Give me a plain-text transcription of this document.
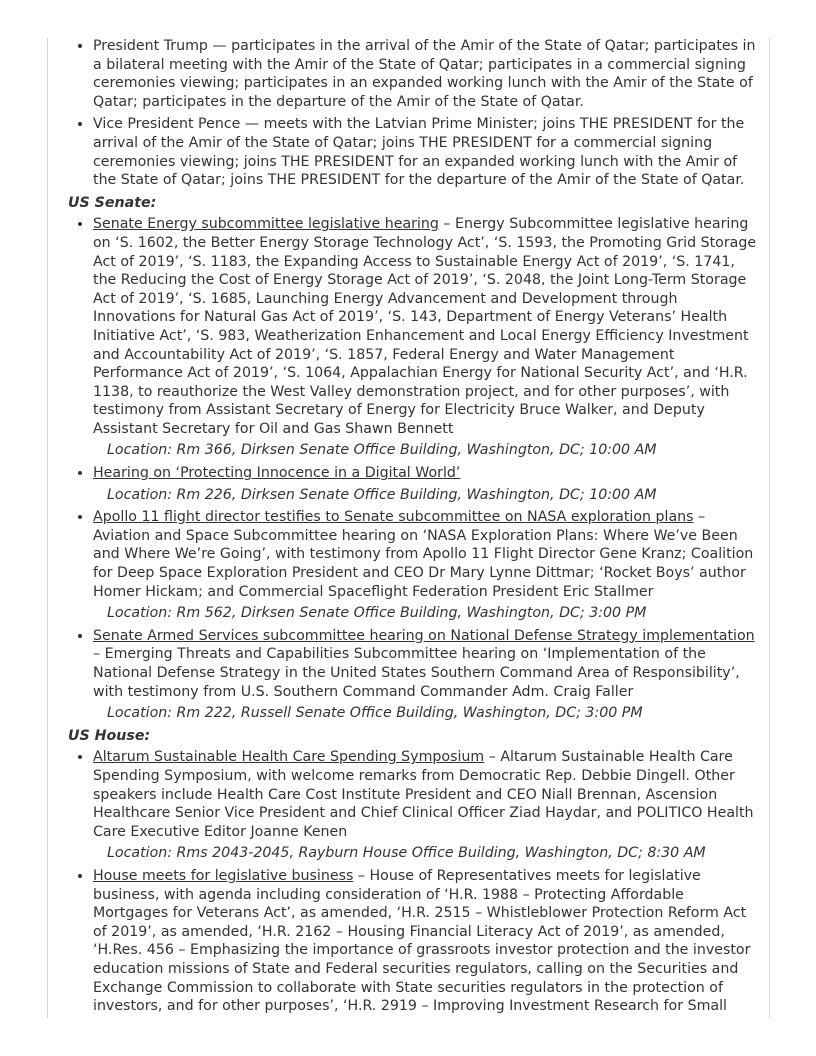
• President Trump — participates in the arrival of the Amir of the State of Qatar; participates in a bilateral meeting with the Amir of the State of Qatar; participates in a commercial signing ceremonies viewing; participates in an expanded working lunch with the Amir of the State of Qatar; participates in the departure of the Amir of the State of Qatar.
• Vice President Pence — meets with the Latvian Prime Minister; joins THE PRESIDENT for the arrival of the Amir of the State of Qatar; joins THE PRESIDENT for a commercial signing ceremonies viewing; joins THE PRESIDENT for an expanded working lunch with the Amir of the State of Qatar; joins THE PRESIDENT for the departure of the Amir of the State of Qatar.
US Senate:
• Senate Energy subcommittee legislative hearing – Energy Subcommittee legislative hearing on ‘S. 1602, the Better Energy Storage Technology Act’, ‘S. 1593, the Promoting Grid Storage Act of 2019’, ‘S. 1183, the Expanding Access to Sustainable Energy Act of 2019’, ‘S. 1741, the Reducing the Cost of Energy Storage Act of 2019’, ‘S. 2048, the Joint Long-Term Storage Act of 2019’, ‘S. 1685, Launching Energy Advancement and Development through Innovations for Natural Gas Act of 2019’, ‘S. 143, Department of Energy Veterans’ Health Initiative Act’, ‘S. 983, Weatherization Enhancement and Local Energy Efficiency Investment and Accountability Act of 2019’, ‘S. 1857, Federal Energy and Water Management Performance Act of 2019’, ‘S. 1064, Appalachian Energy for National Security Act’, and ‘H.R. 1138, to reauthorize the West Valley demonstration project, and for other purposes’, with testimony from Assistant Secretary of Energy for Electricity Bruce Walker, and Deputy Assistant Secretary for Oil and Gas Shawn Bennett
Location: Rm 366, Dirksen Senate Office Building, Washington, DC; 10:00 AM
• Hearing on ‘Protecting Innocence in a Digital World’
Location: Rm 226, Dirksen Senate Office Building, Washington, DC; 10:00 AM
• Apollo 11 flight director testifies to Senate subcommittee on NASA exploration plans – Aviation and Space Subcommittee hearing on ‘NASA Exploration Plans: Where We’ve Been and Where We’re Going’, with testimony from Apollo 11 Flight Director Gene Kranz; Coalition for Deep Space Exploration President and CEO Dr Mary Lynne Dittmar; ‘Rocket Boys’ author Homer Hickam; and Commercial Spaceflight Federation President Eric Stallmer
Location: Rm 562, Dirksen Senate Office Building, Washington, DC; 3:00 PM
• Senate Armed Services subcommittee hearing on National Defense Strategy implementation – Emerging Threats and Capabilities Subcommittee hearing on ‘Implementation of the National Defense Strategy in the United States Southern Command Area of Responsibility’, with testimony from U.S. Southern Command Commander Adm. Craig Faller
Location: Rm 222, Russell Senate Office Building, Washington, DC; 3:00 PM
US House:
• Altarum Sustainable Health Care Spending Symposium – Altarum Sustainable Health Care Spending Symposium, with welcome remarks from Democratic Rep. Debbie Dingell. Other speakers include Health Care Cost Institute President and CEO Niall Brennan, Ascension Healthcare Senior Vice President and Chief Clinical Officer Ziad Haydar, and POLITICO Health Care Executive Editor Joanne Kenen
Location: Rms 2043-2045, Rayburn House Office Building, Washington, DC; 8:30 AM
• House meets for legislative business – House of Representatives meets for legislative business, with agenda including consideration of ‘H.R. 1988 – Protecting Affordable Mortgages for Veterans Act’, as amended, ‘H.R. 2515 – Whistleblower Protection Reform Act of 2019’, as amended, ‘H.R. 2162 – Housing Financial Literacy Act of 2019’, as amended, ‘H.Res. 456 – Emphasizing the importance of grassroots investor protection and the investor education missions of State and Federal securities regulators, calling on the Securities and Exchange Commission to collaborate with State securities regulators in the protection of investors, and for other purposes’, ‘H.R. 2919 – Improving Investment Research for Small
